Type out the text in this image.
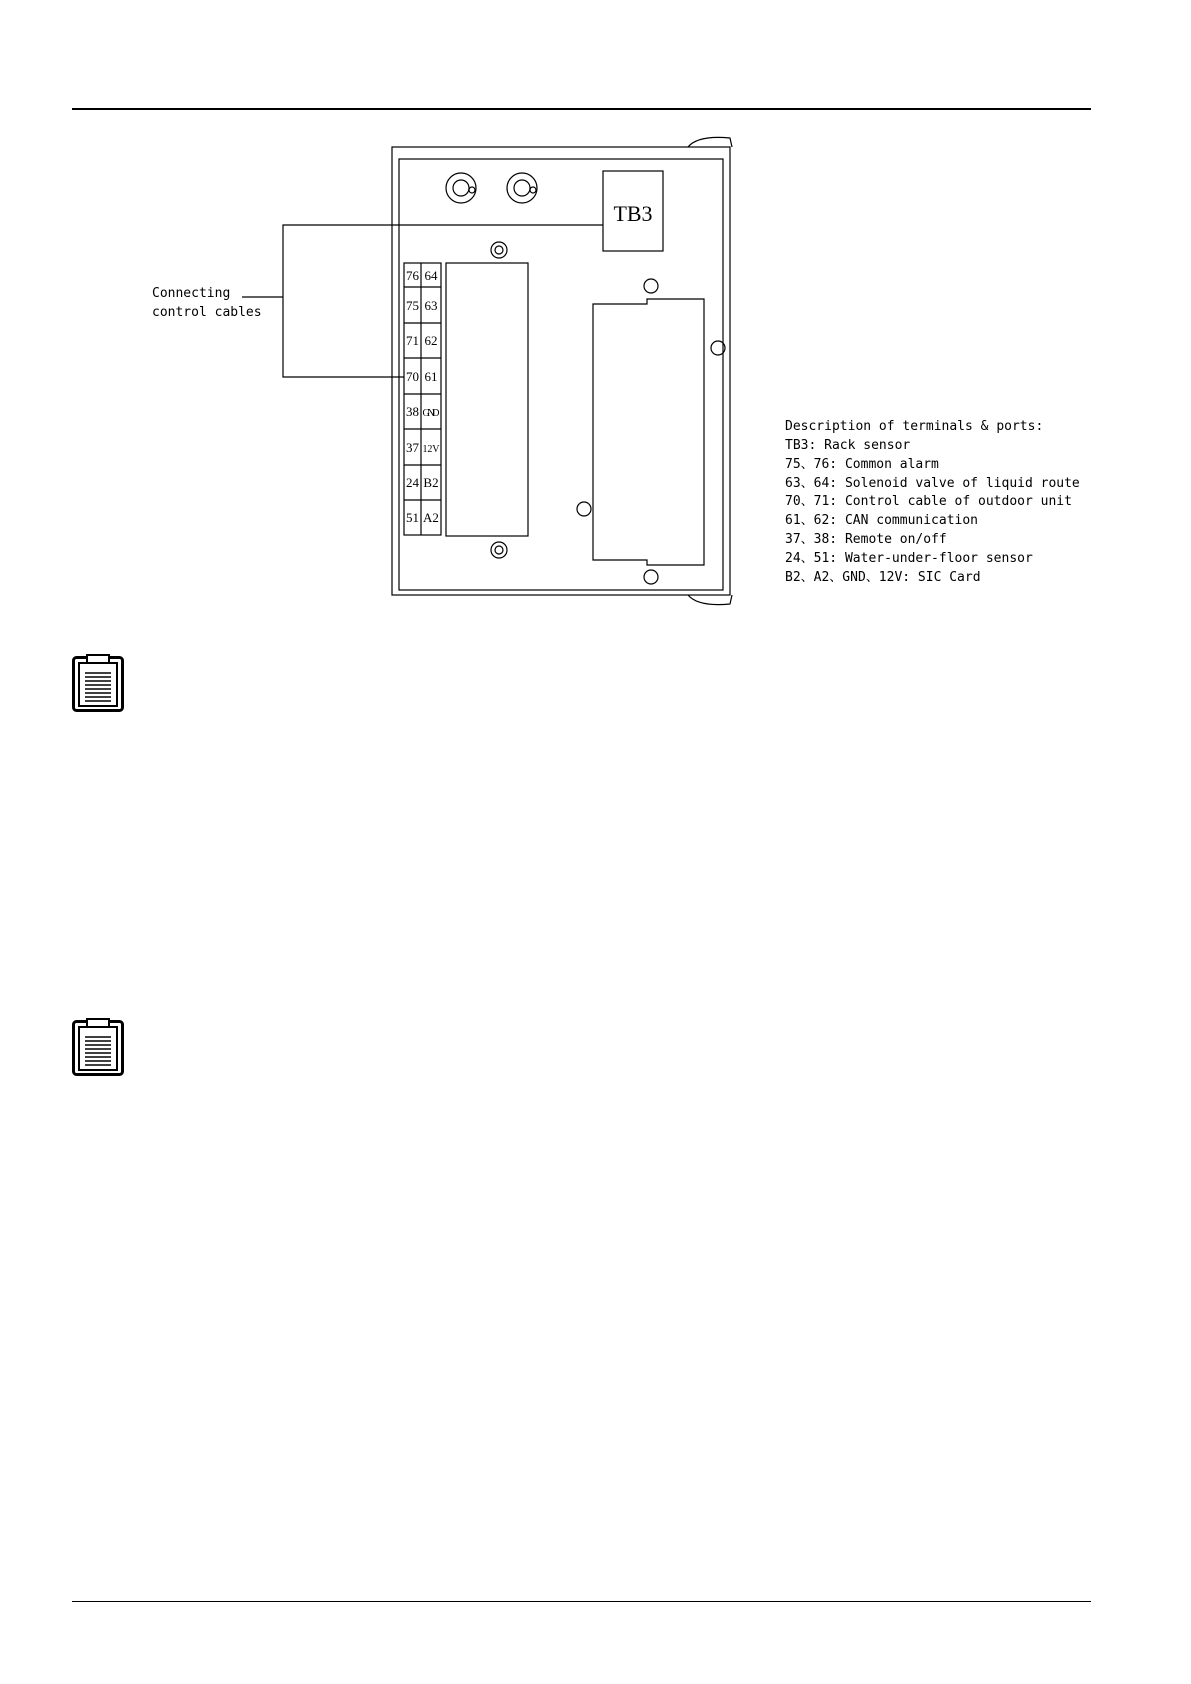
TB3
Connecting
control cables
76 64
75 63
71 62
70 61
38 GND
37 12V
24 B2
51 A2
Description of terminals & ports:
TB3: Rack sensor
75、76: Common alarm
63、64: Solenoid valve of liquid route
70、71: Control cable of outdoor unit
61、62: CAN communication
37、38: Remote on/off
24、51: Water-under-floor sensor
B2、A2、GND、12V: SIC Card
